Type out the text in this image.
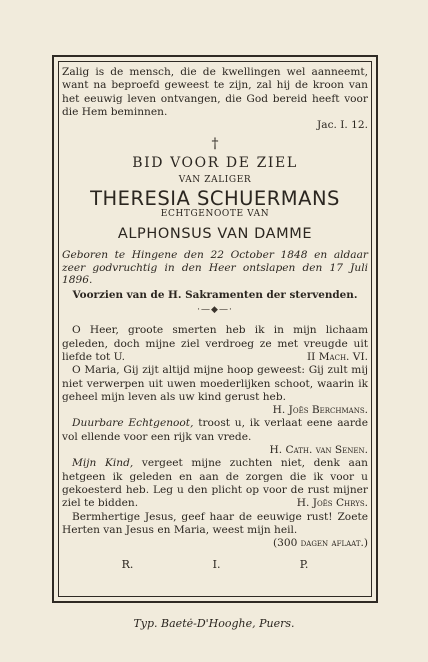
Zalig is de mensch, die de kwellingen wel aanneemt, want na beproefd geweest te zijn, zal hij de kroon van het eeuwig leven ontvangen, die God bereid heeft voor die Hem beminnen.
Jac. I. 12.
†
BID VOOR DE ZIEL
VAN ZALIGER
THERESIA SCHUERMANS
ECHTGENOOTE VAN
ALPHONSUS VAN DAMME
Geboren te Hingene den 22 October 1848 en aldaar zeer godvruchtig in den Heer ontslapen den 17 Juli 1896.
Voorzien van de H. Sakramenten der stervenden.
·—◆—·

O Heer, groote smerten heb ik in mijn lichaam geleden, doch mijne ziel verdroeg ze met vreugde uit liefde tot U.	II Mach. VI.

O Maria, Gij zijt altijd mijne hoop geweest: Gij zult mij niet verwerpen uit uwen moederlijken schoot, waarin ik geheel mijn leven als uw kind gerust heb.
H. Joës Berchmans.

Duurbare Echtgenoot, troost u, ik verlaat eene aarde vol ellende voor een rijk van vrede.
H. Cath. van Senen.

Mijn Kind, vergeet mijne zuchten niet, denk aan hetgeen ik geleden en aan de zorgen die ik voor u gekoesterd heb. Leg u den plicht op voor de rust mijner ziel te bidden.	H. Joës Chrys.

Bermhertige Jesus, geef haar de eeuwige rust! Zoete Herten van Jesus en Maria, weest mijn heil.
(300 dagen aflaat.)

R.	I.	P.
Typ. Baetė-D'Hooghe, Puers.
